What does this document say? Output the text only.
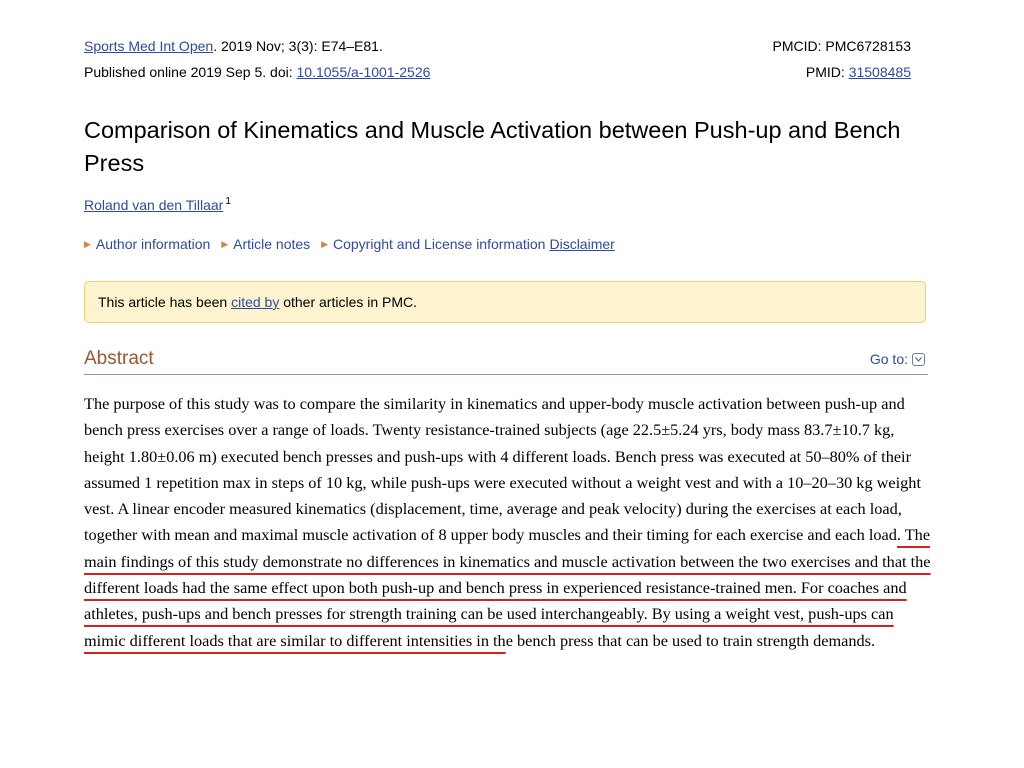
Sports Med Int Open. 2019 Nov; 3(3): E74–E81.
Published online 2019 Sep 5. doi: 10.1055/a-1001-2526
PMCID: PMC6728153
PMID: 31508485
Comparison of Kinematics and Muscle Activation between Push-up and Bench Press
Roland van den Tillaar $^1$
▶ Author information ▶ Article notes ▶ Copyright and License information Disclaimer
This article has been cited by other articles in PMC.
Abstract	Go to:

The purpose of this study was to compare the similarity in kinematics and upper-body muscle activation between push-up and bench press exercises over a range of loads. Twenty resistance-trained subjects (age 22.5±5.24 yrs, body mass 83.7±10.7 kg, height 1.80±0.06 m) executed bench presses and push-ups with 4 different loads. Bench press was executed at 50–80% of their assumed 1 repetition max in steps of 10 kg, while push-ups were executed without a weight vest and with a 10–20–30 kg weight vest. A linear encoder measured kinematics (displacement, time, average and peak velocity) during the exercises at each load, together with mean and maximal muscle activation of 8 upper body muscles and their timing for each exercise and each load. The main findings of this study demonstrate no differences in kinematics and muscle activation between the two exercises and that the different loads had the same effect upon both push-up and bench press in experienced resistance-trained men. For coaches and athletes, push-ups and bench presses for strength training can be used interchangeably. By using a weight vest, push-ups can mimic different loads that are similar to different intensities in the bench press that can be used to train strength demands.
